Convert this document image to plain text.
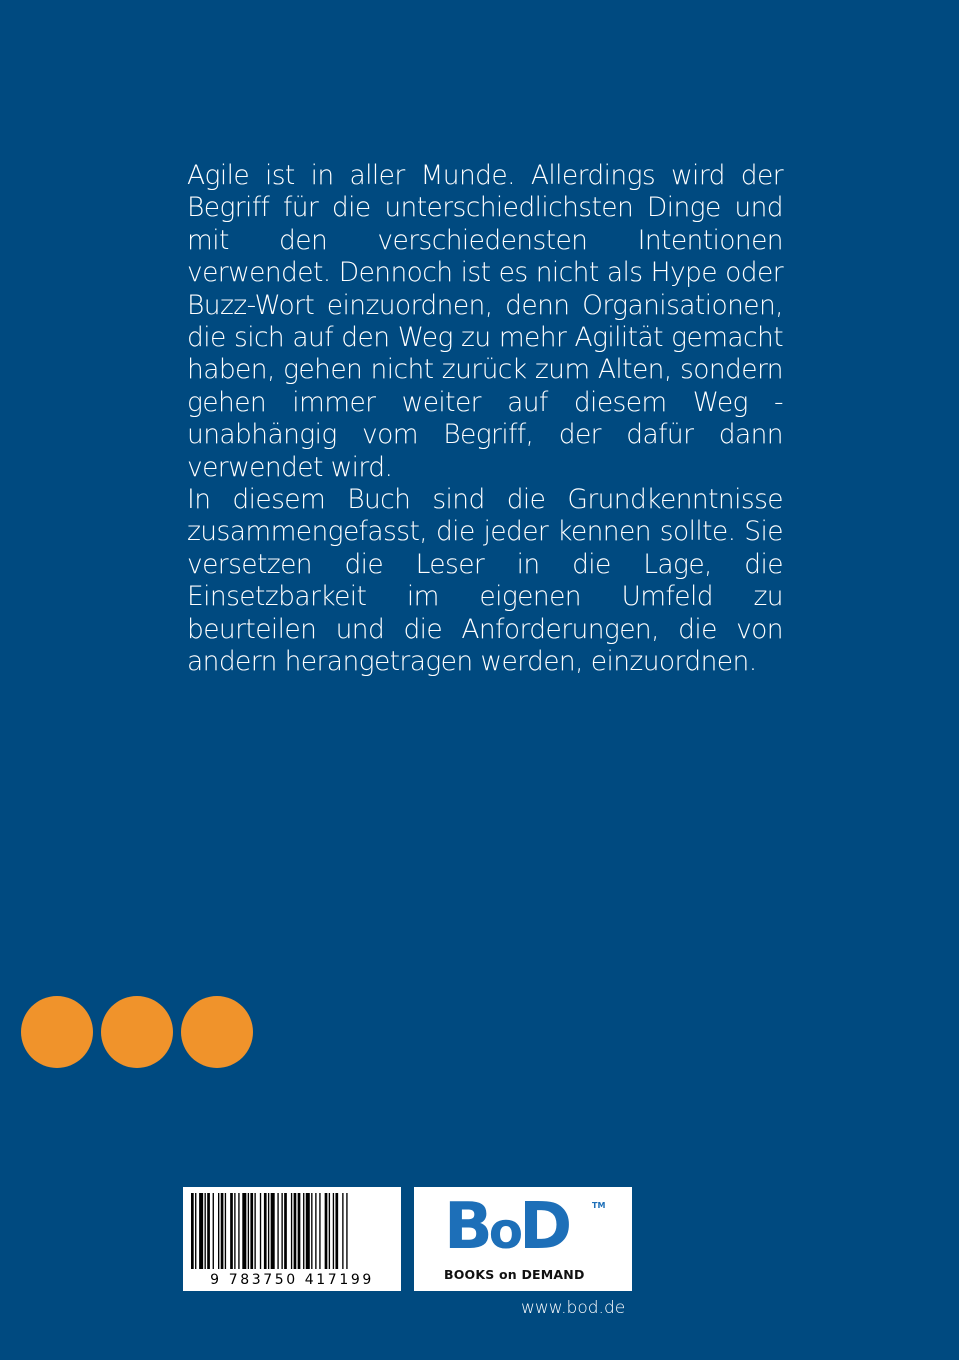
Agile ist in aller Munde. Allerdings wird der Begriff für die unterschiedlichsten Dinge und mit den verschiedensten Intentionen verwendet. Dennoch ist es nicht als Hype oder Buzz-Wort einzuordnen, denn Organisationen, die sich auf den Weg zu mehr Agilität gemacht haben, gehen nicht zurück zum Alten, sondern gehen immer weiter auf diesem Weg - unabhängig vom Begriff, der dafür dann verwendet wird.

In diesem Buch sind die Grundkenntnisse zusammengefasst, die jeder kennen sollte. Sie versetzen die Leser in die Lage, die Einsetzbarkeit im eigenen Umfeld zu beurteilen und die Anforderungen, die von andern herangetragen werden, einzuordnen.

9 783750 417199
BoD	TM
BOOKS on DEMAND
www.bod.de
